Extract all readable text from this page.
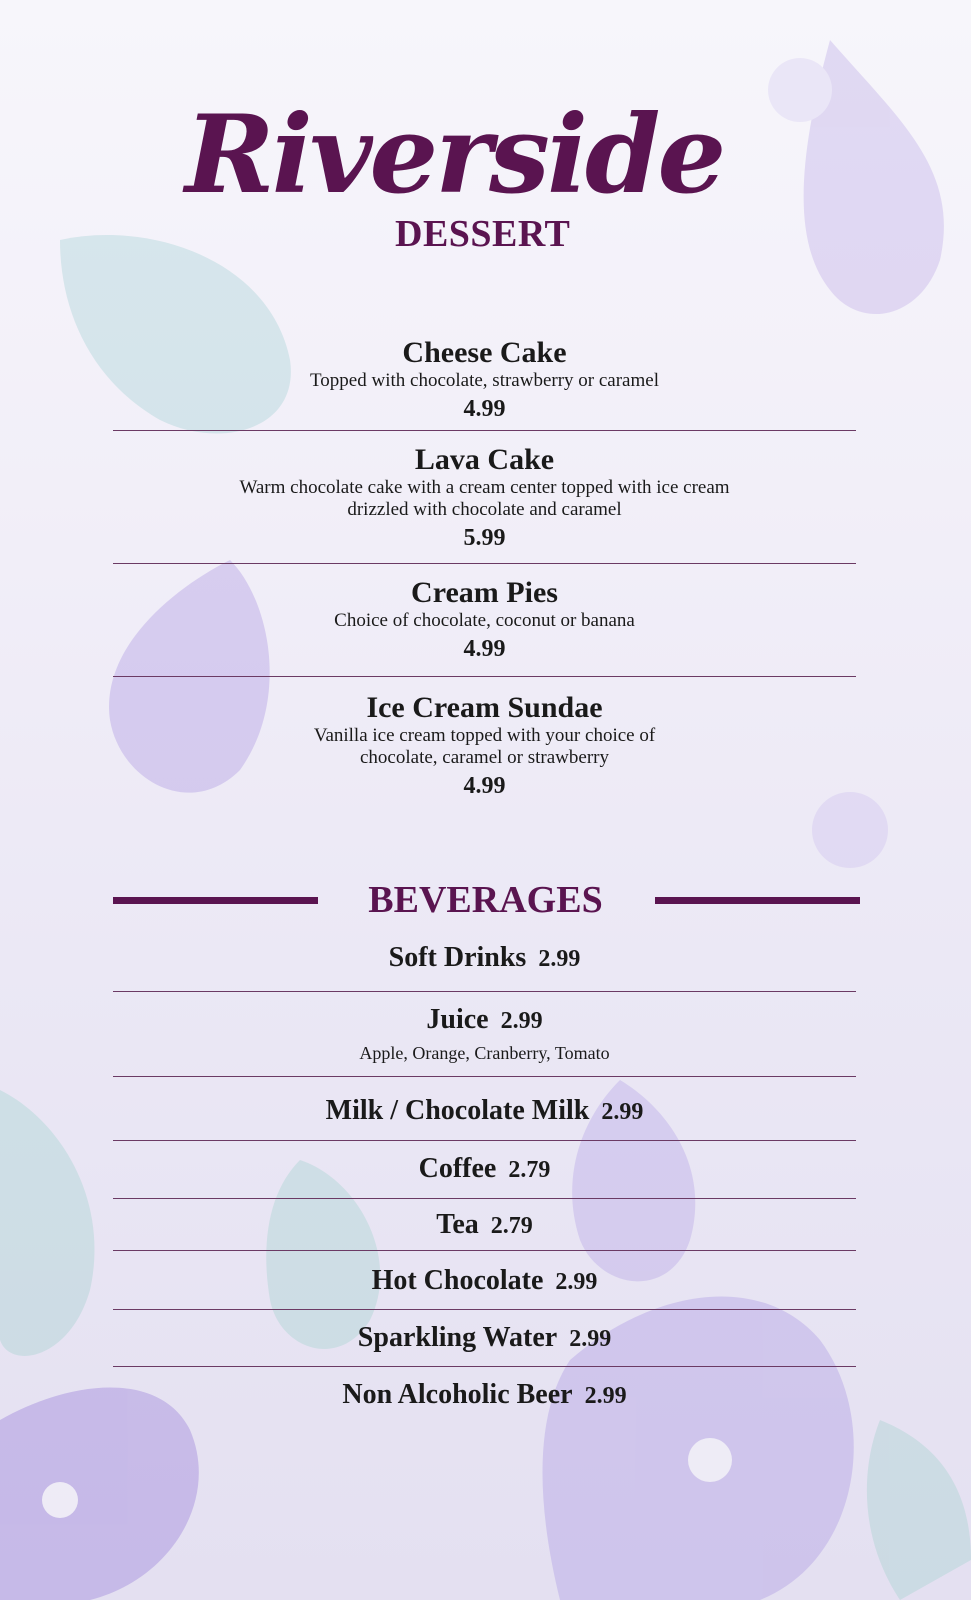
Riverside
DESSERT
Cheese Cake
Topped with chocolate, strawberry or caramel
4.99
Lava Cake
Warm chocolate cake with a cream center topped with ice cream
drizzled with chocolate and caramel
5.99
Cream Pies
Choice of chocolate, coconut or banana
4.99
Ice Cream Sundae
Vanilla ice cream topped with your choice of
chocolate, caramel or strawberry
4.99
BEVERAGES
Soft Drinks 2.99
Juice 2.99
Apple, Orange, Cranberry, Tomato
Milk / Chocolate Milk 2.99
Coffee 2.79
Tea 2.79
Hot Chocolate 2.99
Sparkling Water 2.99
Non Alcoholic Beer 2.99
